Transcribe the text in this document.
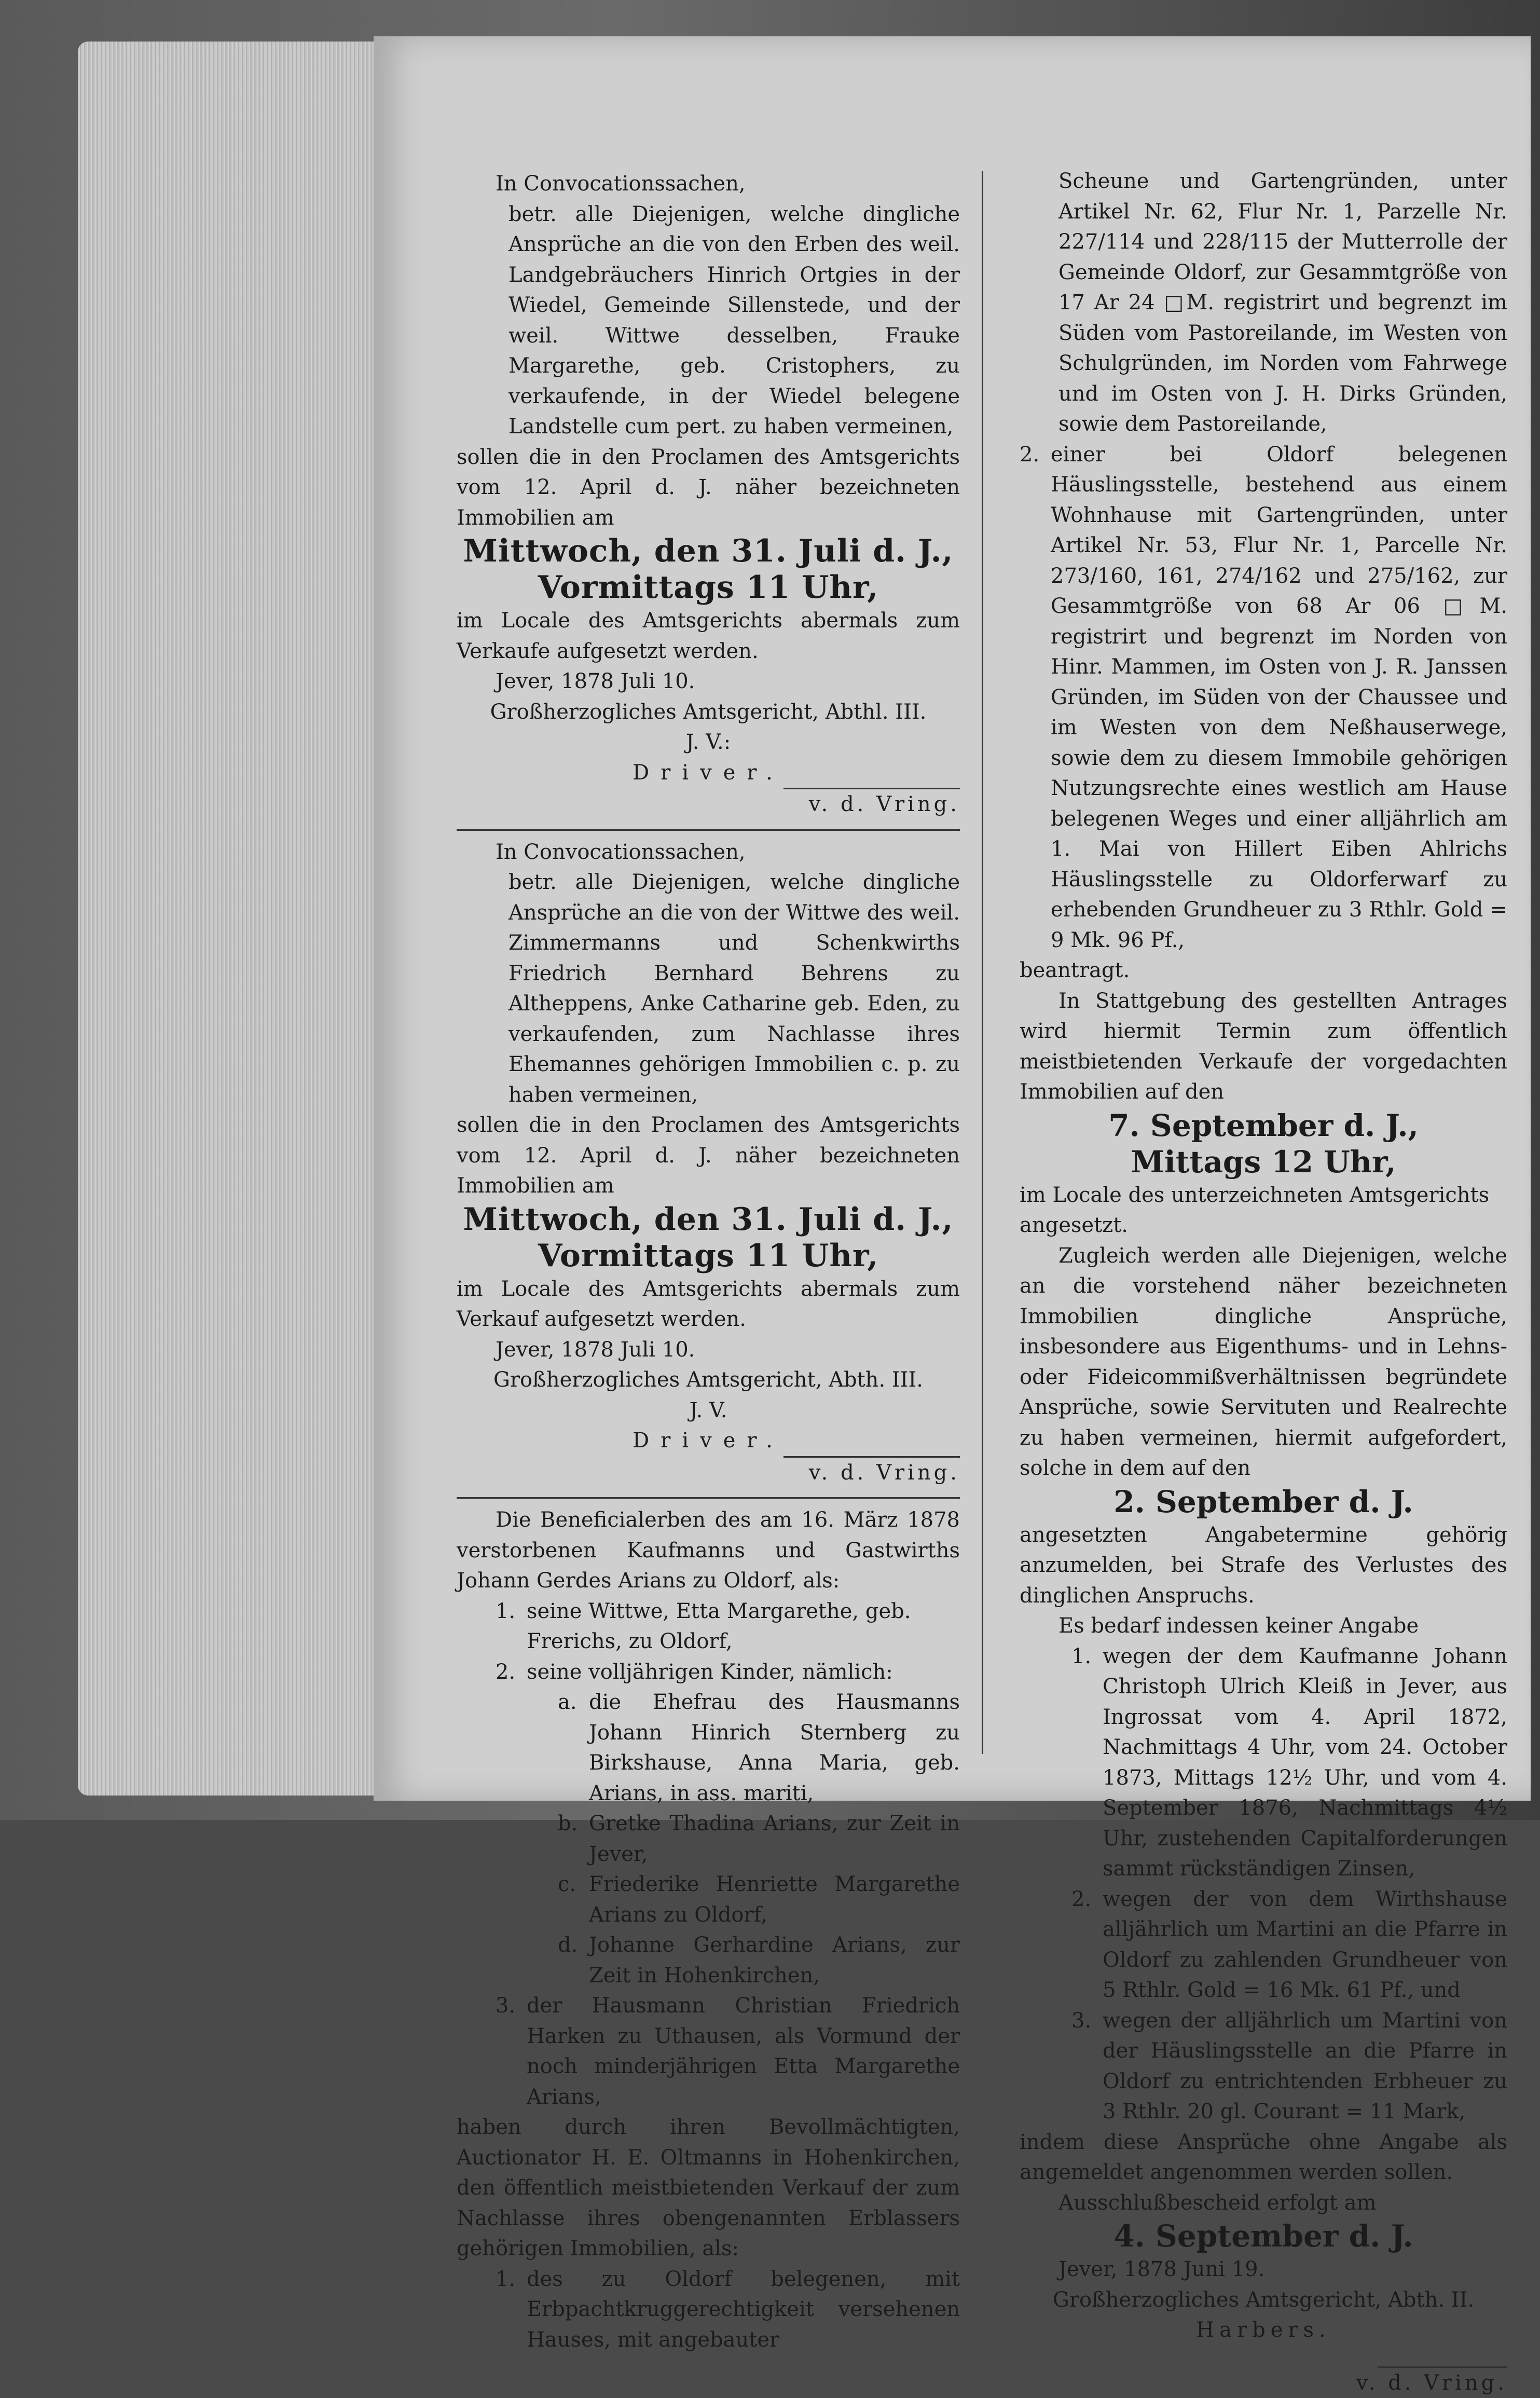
In Convocationssachen,

betr. alle Diejenigen, welche dingliche Ansprüche an die von den Erben des weil. Landgebräuchers Hinrich Ortgies in der Wiedel, Gemeinde Sillenstede, und der weil. Wittwe desselben, Frauke Margarethe, geb. Cristophers, zu verkaufende, in der Wiedel belegene Landstelle cum pert. zu haben vermeinen,

sollen die in den Proclamen des Amtsgerichts vom 12. April d. J. näher bezeichneten Immobilien am

Mittwoch, den 31. Juli d. J.,

Vormittags 11 Uhr,

im Locale des Amtsgerichts abermals zum Verkaufe aufgesetzt werden.

Jever, 1878 Juli 10.

Großherzogliches Amtsgericht, Abthl. III.

J. V.:

Driver.

v. d. Vring.

In Convocationssachen,

betr. alle Diejenigen, welche dingliche Ansprüche an die von der Wittwe des weil. Zimmermanns und Schenkwirths Friedrich Bernhard Behrens zu Altheppens, Anke Catharine geb. Eden, zu verkaufenden, zum Nachlasse ihres Ehemannes gehörigen Immobilien c. p. zu haben vermeinen,

sollen die in den Proclamen des Amtsgerichts vom 12. April d. J. näher bezeichneten Immobilien am

Mittwoch, den 31. Juli d. J.,

Vormittags 11 Uhr,

im Locale des Amtsgerichts abermals zum Verkauf aufgesetzt werden.

Jever, 1878 Juli 10.

Großherzogliches Amtsgericht, Abth. III.

J. V.

Driver.

v. d. Vring.

Die Beneficialerben des am 16. März 1878 verstorbenen Kaufmanns und Gastwirths Johann Gerdes Arians zu Oldorf, als:

1. seine Wittwe, Etta Margarethe, geb. Frerichs, zu Oldorf,
2. seine volljährigen Kinder, nämlich:
a. die Ehefrau des Hausmanns Johann Hinrich Sternberg zu Birkshause, Anna Maria, geb. Arians, in ass. mariti,
b. Gretke Thadina Arians, zur Zeit in Jever,
c. Friederike Henriette Margarethe Arians zu Oldorf,
d. Johanne Gerhardine Arians, zur Zeit in Hohenkirchen,
3. der Hausmann Christian Friedrich Harken zu Uthausen, als Vormund der noch minderjährigen Etta Margarethe Arians,

haben durch ihren Bevollmächtigten, Auctionator H. E. Oltmanns in Hohenkirchen, den öffentlich meistbietenden Verkauf der zum Nachlasse ihres obengenannten Erblassers gehörigen Immobilien, als:

1. des zu Oldorf belegenen, mit Erbpachtkruggerechtigkeit versehenen Hauses, mit angebauter

Scheune und Gartengründen, unter Artikel Nr. 62, Flur Nr. 1, Parzelle Nr. 227/114 und 228/115 der Mutterrolle der Gemeinde Oldorf, zur Gesammtgröße von 17 Ar 24 □M. registrirt und begrenzt im Süden vom Pastoreilande, im Westen von Schulgründen, im Norden vom Fahrwege und im Osten von J. H. Dirks Gründen, sowie dem Pastoreilande,

2. einer bei Oldorf belegenen Häuslingsstelle, bestehend aus einem Wohnhause mit Gartengründen, unter Artikel Nr. 53, Flur Nr. 1, Parcelle Nr. 273/160, 161, 274/162 und 275/162, zur Gesammtgröße von 68 Ar 06 □M. registrirt und begrenzt im Norden von Hinr. Mammen, im Osten von J. R. Janssen Gründen, im Süden von der Chaussee und im Westen von dem Neßhauserwege, sowie dem zu diesem Immobile gehörigen Nutzungsrechte eines westlich am Hause belegenen Weges und einer alljährlich am 1. Mai von Hillert Eiben Ahlrichs Häuslingsstelle zu Oldorferwarf zu erhebenden Grundheuer zu 3 Rthlr. Gold = 9 Mk. 96 Pf.,

beantragt.

In Stattgebung des gestellten Antrages wird hiermit Termin zum öffentlich meistbietenden Verkaufe der vorgedachten Immobilien auf den

7. September d. J.,

Mittags 12 Uhr,

im Locale des unterzeichneten Amtsgerichts angesetzt.

Zugleich werden alle Diejenigen, welche an die vorstehend näher bezeichneten Immobilien dingliche Ansprüche, insbesondere aus Eigenthums- und in Lehns- oder Fideicommißverhältnissen begründete Ansprüche, sowie Servituten und Realrechte zu haben vermeinen, hiermit aufgefordert, solche in dem auf den

2. September d. J.

angesetzten Angabetermine gehörig anzumelden, bei Strafe des Verlustes des dinglichen Anspruchs.

Es bedarf indessen keiner Angabe

1. wegen der dem Kaufmanne Johann Christoph Ulrich Kleiß in Jever, aus Ingrossat vom 4. April 1872, Nachmittags 4 Uhr, vom 24. October 1873, Mittags 12½ Uhr, und vom 4. September 1876, Nachmittags 4½ Uhr, zustehenden Capitalforderungen sammt rückständigen Zinsen,
2. wegen der von dem Wirthshause alljährlich um Martini an die Pfarre in Oldorf zu zahlenden Grundheuer von 5 Rthlr. Gold = 16 Mk. 61 Pf., und
3. wegen der alljährlich um Martini von der Häuslingsstelle an die Pfarre in Oldorf zu entrichtenden Erbheuer zu 3 Rthlr. 20 gl. Courant = 11 Mark,

indem diese Ansprüche ohne Angabe als angemeldet angenommen werden sollen.

Ausschlußbescheid erfolgt am

4. September d. J.

Jever, 1878 Juni 19.

Großherzogliches Amtsgericht, Abth. II.

Harbers.

v. d. Vring.
